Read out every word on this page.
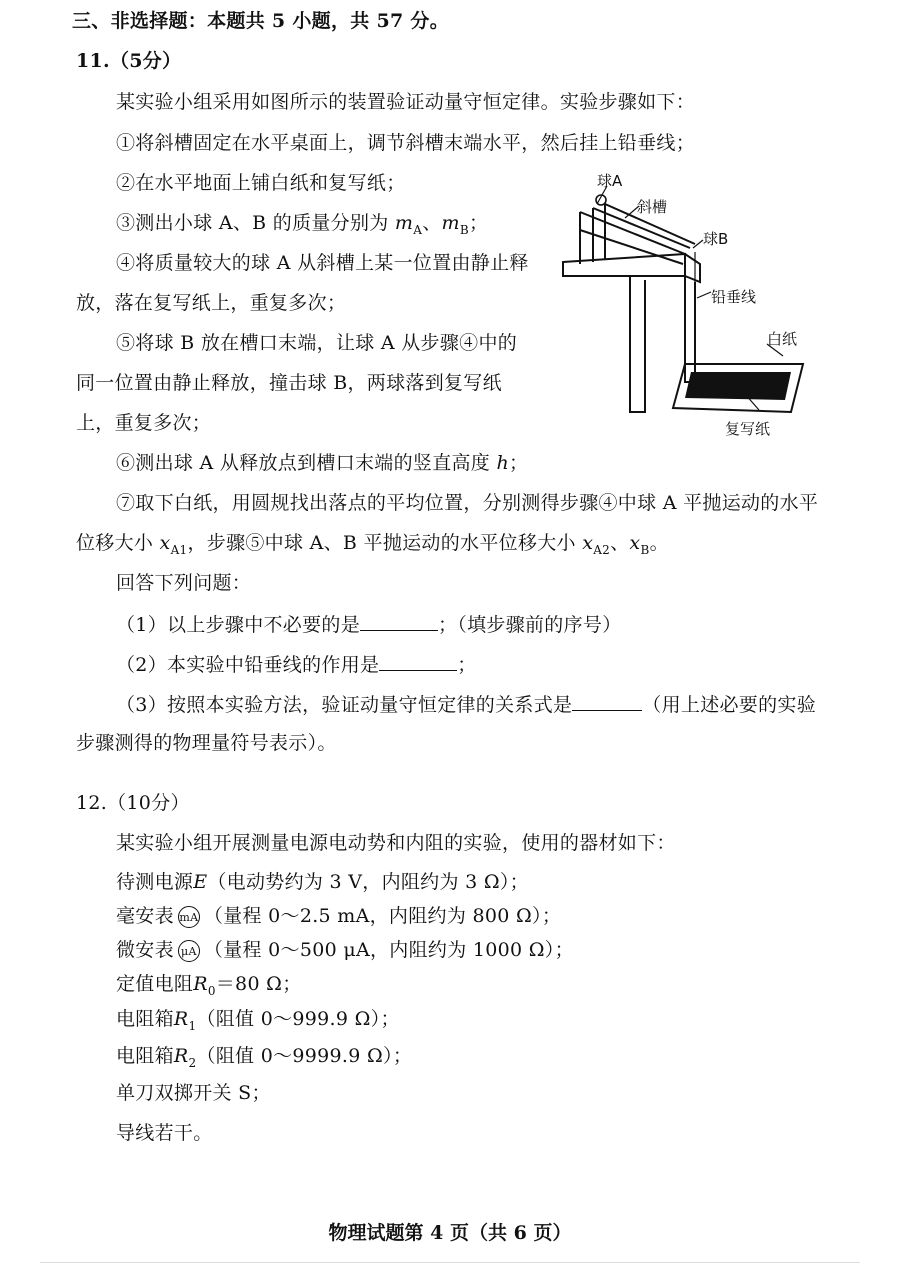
三、非选择题：本题共 5 小题，共 57 分。
11.（5分）
某实验小组采用如图所示的装置验证动量守恒定律。实验步骤如下：
①将斜槽固定在水平桌面上，调节斜槽末端水平，然后挂上铅垂线；
②在水平地面上铺白纸和复写纸；
③测出小球 A、B 的质量分别为 $m_A$、$m_B$；
④将质量较大的球 A 从斜槽上某一位置由静止释
放，落在复写纸上，重复多次；
⑤将球 B 放在槽口末端，让球 A 从步骤④中的
同一位置由静止释放，撞击球 B，两球落到复写纸
上，重复多次；
⑥测出球 A 从释放点到槽口末端的竖直高度 h；
⑦取下白纸，用圆规找出落点的平均位置，分别测得步骤④中球 A 平抛运动的水平
位移大小 $x_{A1}$，步骤⑤中球 A、B 平抛运动的水平位移大小 $x_{A2}$、$x_B$。
回答下列问题：
（1）以上步骤中不必要的是	；（填步骤前的序号）
（2）本实验中铅垂线的作用是	；
（3）按照本实验方法，验证动量守恒定律的关系式是	（用上述必要的实验
步骤测得的物理量符号表示）。
球A
斜槽
球B
铅垂线
白纸
复写纸
12.（10分）
某实验小组开展测量电源电动势和内阻的实验，使用的器材如下：
待测电源E（电动势约为 3 V，内阻约为 3 Ω）；
毫安表 mA （量程 0～2.5 mA，内阻约为 800 Ω）；
微安表 μA （量程 0～500 μA，内阻约为 1000 Ω）；
定值电阻$R_0=80$ Ω；
电阻箱$R_1$（阻值 0～999.9 Ω）；
电阻箱$R_2$（阻值 0～9999.9 Ω）；
单刀双掷开关 S；
导线若干。
物理试题第 4 页（共 6 页）
